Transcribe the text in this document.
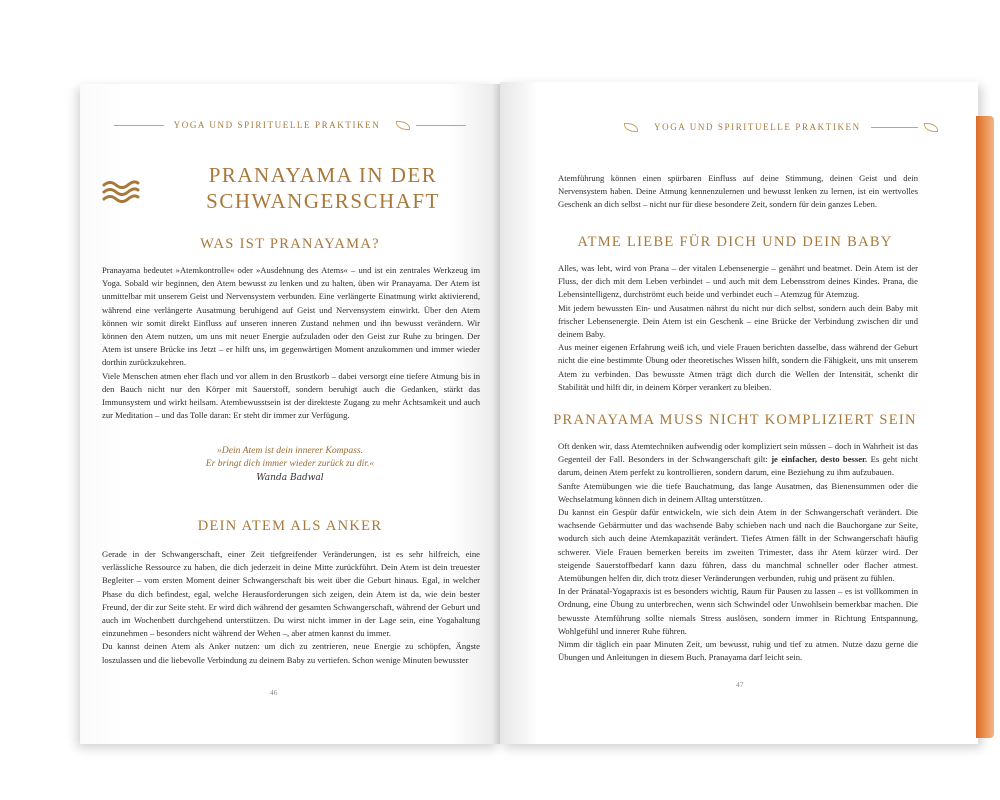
YOGA UND SPIRITUELLE PRAKTIKEN
PRANAYAMA IN DER
SCHWANGERSCHAFT
WAS IST PRANAYAMA?

Pranayama bedeutet »Atemkontrolle« oder »Ausdehnung des Atems« – und ist ein zentrales Werkzeug im Yoga. Sobald wir beginnen, den Atem bewusst zu lenken und zu halten, üben wir Pranayama. Der Atem ist unmittelbar mit unserem Geist und Nervensystem verbunden. Eine verlängerte Einatmung wirkt aktivierend, während eine verlängerte Ausatmung beruhigend auf Geist und Nervensystem einwirkt. Über den Atem können wir somit direkt Einfluss auf unseren inneren Zustand nehmen und ihn bewusst verändern. Wir können den Atem nutzen, um uns mit neuer Energie aufzuladen oder den Geist zur Ruhe zu bringen. Der Atem ist unsere Brücke ins Jetzt – er hilft uns, im gegenwärtigen Moment anzukommen und immer wieder dorthin zurückzukehren.

Viele Menschen atmen eher flach und vor allem in den Brustkorb – dabei versorgt eine tiefere Atmung bis in den Bauch nicht nur den Körper mit Sauerstoff, sondern beruhigt auch die Gedanken, stärkt das Immunsystem und wirkt heilsam. Atembewusstsein ist der direkteste Zugang zu mehr Achtsamkeit und auch zur Meditation – und das Tolle daran: Er steht dir immer zur Verfügung.

»Dein Atem ist dein innerer Kompass.
Er bringt dich immer wieder zurück zu dir.«
Wanda Badwal
DEIN ATEM ALS ANKER

Gerade in der Schwangerschaft, einer Zeit tiefgreifender Veränderungen, ist es sehr hilfreich, eine verlässliche Ressource zu haben, die dich jederzeit in deine Mitte zurückführt. Dein Atem ist dein treuester Begleiter – vom ersten Moment deiner Schwangerschaft bis weit über die Geburt hinaus. Egal, in welcher Phase du dich befindest, egal, welche Herausforderungen sich zeigen, dein Atem ist da, wie dein bester Freund, der dir zur Seite steht. Er wird dich während der gesamten Schwangerschaft, während der Geburt und auch im Wochenbett durchgehend unterstützen. Du wirst nicht immer in der Lage sein, eine Yogahaltung einzunehmen – besonders nicht während der Wehen –, aber atmen kannst du immer.

Du kannst deinen Atem als Anker nutzen: um dich zu zentrieren, neue Energie zu schöpfen, Ängste loszulassen und die liebevolle Verbindung zu deinem Baby zu vertiefen. Schon wenige Minuten bewusster

46
YOGA UND SPIRITUELLE PRAKTIKEN

Atemführung können einen spürbaren Einfluss auf deine Stimmung, deinen Geist und dein Nervensystem haben. Deine Atmung kennenzulernen und bewusst lenken zu lernen, ist ein wertvolles Geschenk an dich selbst – nicht nur für diese besondere Zeit, sondern für dein ganzes Leben.

ATME LIEBE FÜR DICH UND DEIN BABY

Alles, was lebt, wird von Prana – der vitalen Lebensenergie – genährt und beatmet. Dein Atem ist der Fluss, der dich mit dem Leben verbindet – und auch mit dem Lebensstrom deines Kindes. Prana, die Lebensintelligenz, durchströmt euch beide und verbindet euch – Atemzug für Atemzug.

Mit jedem bewussten Ein- und Ausatmen nährst du nicht nur dich selbst, sondern auch dein Baby mit frischer Lebensenergie. Dein Atem ist ein Geschenk – eine Brücke der Verbindung zwischen dir und deinem Baby.

Aus meiner eigenen Erfahrung weiß ich, und viele Frauen berichten dasselbe, dass während der Geburt nicht die eine bestimmte Übung oder theoretisches Wissen hilft, sondern die Fähigkeit, uns mit unserem Atem zu verbinden. Das bewusste Atmen trägt dich durch die Wellen der Intensität, schenkt dir Stabilität und hilft dir, in deinem Körper verankert zu bleiben.

PRANAYAMA MUSS NICHT KOMPLIZIERT SEIN

Oft denken wir, dass Atemtechniken aufwendig oder kompliziert sein müssen – doch in Wahrheit ist das Gegenteil der Fall. Besonders in der Schwangerschaft gilt: je einfacher, desto besser. Es geht nicht darum, deinen Atem perfekt zu kontrollieren, sondern darum, eine Beziehung zu ihm aufzubauen.

Sanfte Atemübungen wie die tiefe Bauchatmung, das lange Ausatmen, das Bienensummen oder die Wechselatmung können dich in deinem Alltag unterstützen.

Du kannst ein Gespür dafür entwickeln, wie sich dein Atem in der Schwangerschaft verändert. Die wachsende Gebärmutter und das wachsende Baby schieben nach und nach die Bauchorgane zur Seite, wodurch sich auch deine Atemkapazität verändert. Tiefes Atmen fällt in der Schwangerschaft häufig schwerer. Viele Frauen bemerken bereits im zweiten Trimester, dass ihr Atem kürzer wird. Der steigende Sauerstoffbedarf kann dazu führen, dass du manchmal schneller oder flacher atmest. Atemübungen helfen dir, dich trotz dieser Veränderungen verbunden, ruhig und präsent zu fühlen.

In der Pränatal-Yogapraxis ist es besonders wichtig, Raum für Pausen zu lassen – es ist vollkommen in Ordnung, eine Übung zu unterbrechen, wenn sich Schwindel oder Unwohlsein bemerkbar machen. Die bewusste Atemführung sollte niemals Stress auslösen, sondern immer in Richtung Entspannung, Wohlgefühl und innerer Ruhe führen.

Nimm dir täglich ein paar Minuten Zeit, um bewusst, ruhig und tief zu atmen. Nutze dazu gerne die Übungen und Anleitungen in diesem Buch. Pranayama darf leicht sein.

47
